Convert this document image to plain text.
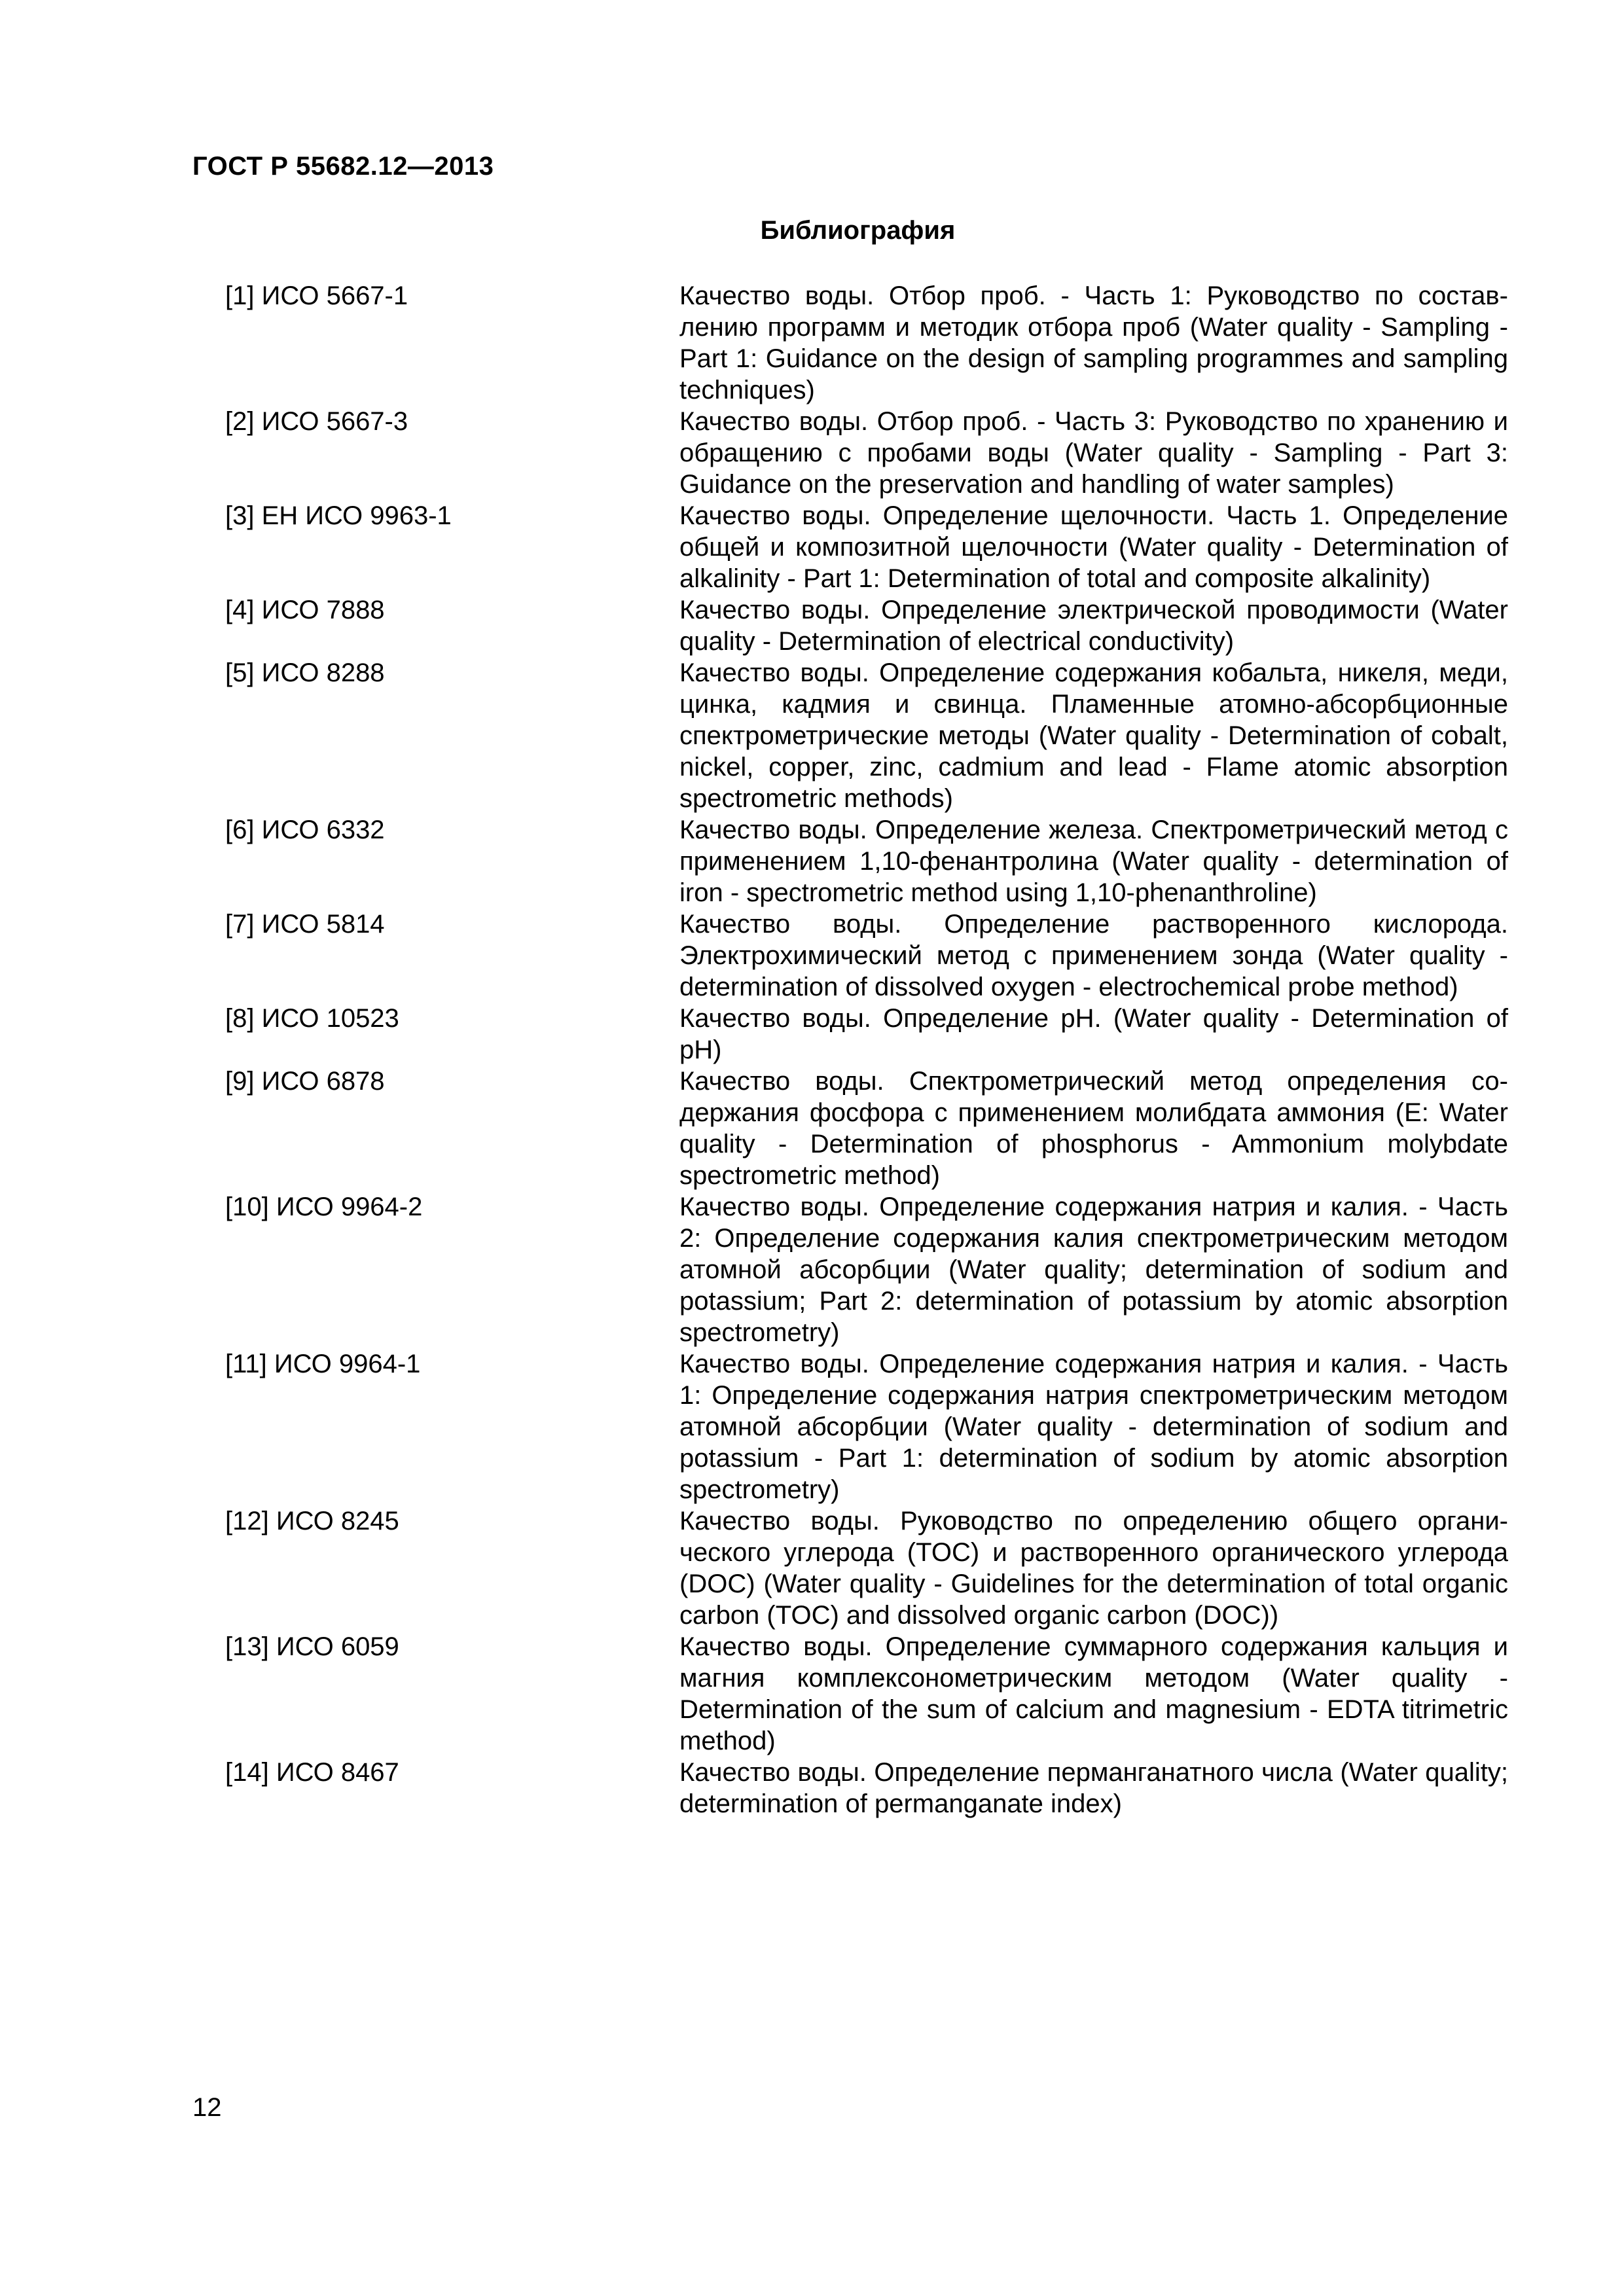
ГОСТ Р 55682.12—2013
Библиография
[1] ИСО 5667-1	Качество воды. Отбор проб. - Часть 1: Руководство по составлению программ и методик отбора проб (Water quality - Sampling - Part 1: Guidance on the design of sampling programmes and sampling techniques)
[2] ИСО 5667-3	Качество воды. Отбор проб. - Часть 3: Руководство по хранению и обращению с пробами воды (Water quality - Sampling - Part 3: Guidance on the preservation and handling of water samples)
[3] ЕН ИСО 9963-1	Качество воды. Определение щелочности. Часть 1. Определение общей и композитной щелочности (Water quality - Determination of alkalinity - Part 1: Determination of total and composite alkalinity)
[4] ИСО 7888	Качество воды. Определение электрической проводимости (Water quality - Determination of electrical conductivity)
[5] ИСО 8288	Качество воды. Определение содержания кобальта, никеля, меди, цинка, кадмия и свинца. Пламенные атомно-абсорбционные спектрометрические методы (Water quality - Determination of cobalt, nickel, copper, zinc, cadmium and lead - Flame atomic absorption spectrometric methods)
[6] ИСО 6332	Качество воды. Определение железа. Спектрометрический метод с применением 1,10-фенантролина (Water quality - determination of iron - spectrometric method using 1,10-phenanthroline)
[7] ИСО 5814	Качество воды. Определение растворенного кислорода. Электрохимический метод с применением зонда (Water quality - determination of dissolved oxygen - electrochemical probe method)
[8] ИСО 10523	Качество воды. Определение pH. (Water quality - Determination of pH)
[9] ИСО 6878	Качество воды. Спектрометрический метод определения содержания фосфора с применением молибдата аммония (E: Water quality - Determination of phosphorus - Ammonium molybdate spectrometric method)
[10] ИСО 9964-2	Качество воды. Определение содержания натрия и калия. - Часть 2: Определение содержания калия спектрометрическим методом атомной абсорбции (Water quality; determination of sodium and potassium; Part 2: determination of potassium by atomic absorption spectrometry)
[11] ИСО 9964-1	Качество воды. Определение содержания натрия и калия. - Часть 1: Определение содержания натрия спектрометрическим методом атомной абсорбции (Water quality - determination of sodium and potassium - Part 1: determination of sodium by atomic absorption spectrometry)
[12] ИСО 8245	Качество воды. Руководство по определению общего органического углерода (TOC) и растворенного органического углерода (DOC) (Water quality - Guidelines for the determination of total organic carbon (TOC) and dissolved organic carbon (DOC))
[13] ИСО 6059	Качество воды. Определение суммарного содержания кальция и магния комплексонометрическим методом (Water quality - Determination of the sum of calcium and magnesium - EDTA titrimetric method)
[14] ИСО 8467	Качество воды. Определение перманганатного числа (Water quality; determination of permanganate index)
12
